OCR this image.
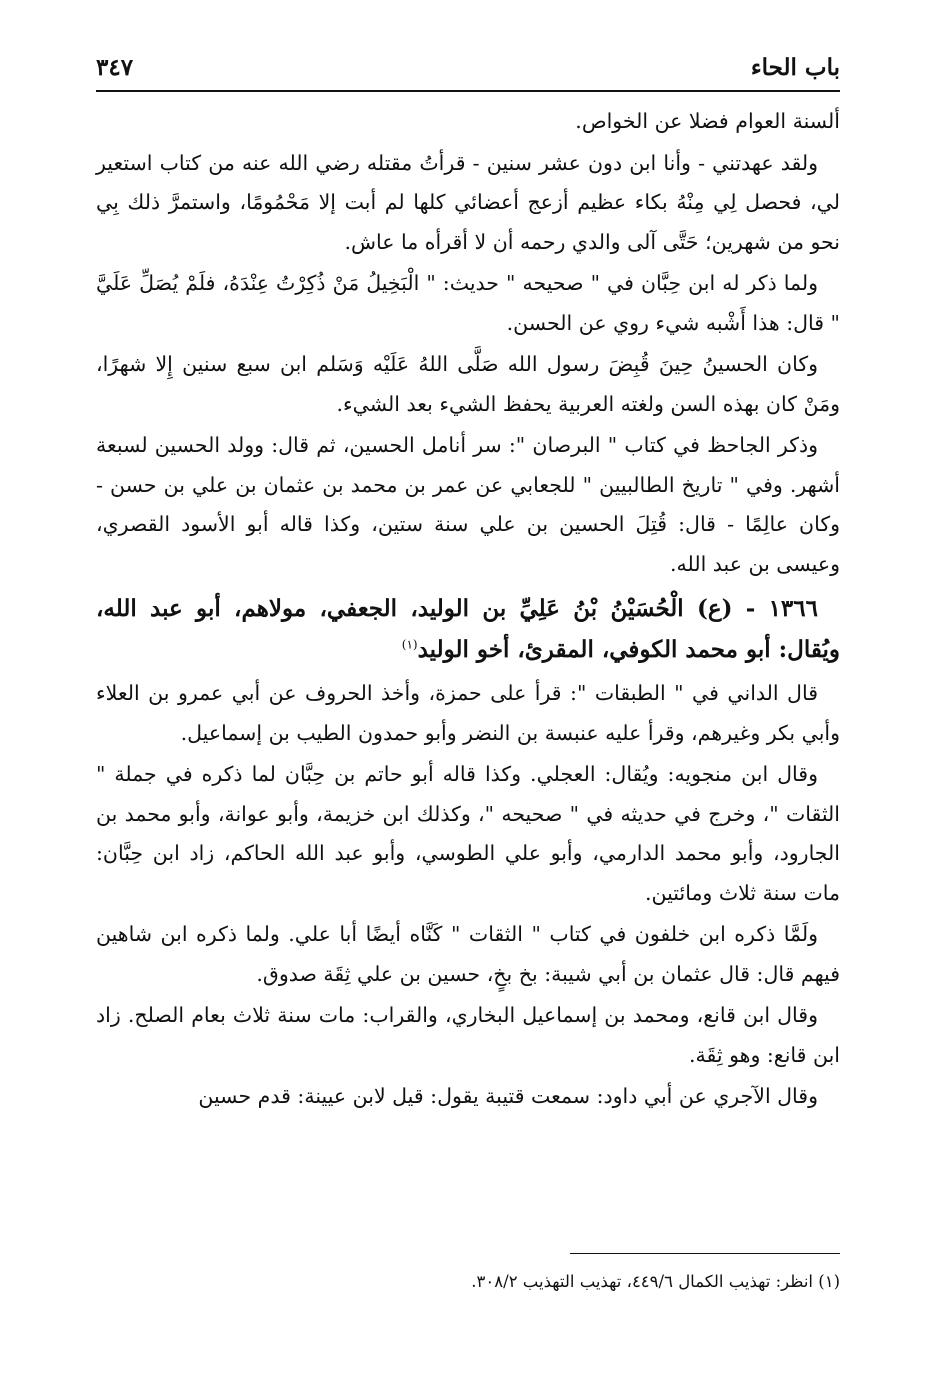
باب الحاء
٣٤٧

ألسنة العوام فضلا عن الخواص.

ولقد عهدتني - وأنا ابن دون عشر سنين - قرأتُ مقتله رضي الله عنه من كتاب استعير لي، فحصل لِي مِنْهُ بكاء عظيم أزعج أعضائي كلها لم أبت إلا مَحْمُومًا، واستمرَّ ذلك بِي نحو من شهرين؛ حَتَّى آلى والدي رحمه أن لا أقرأه ما عاش.

ولما ذكر له ابن حِبَّان في " صحيحه " حديث: " الْبَخِيلُ مَنْ ذُكِرْتُ عِنْدَهُ، فلَمْ يُصَلِّ عَلَيَّ " قال: هذا أَشْبه شيء روي عن الحسن.

وكان الحسينُ حِينَ قُبِضَ رسول الله صَلَّى اللهُ عَلَيْه وَسَلم ابن سبع سنين إِلا شهرًا، ومَنْ كان بهذه السن ولغته العربية يحفظ الشيء بعد الشيء.

وذكر الجاحظ في كتاب " البرصان ": سر أنامل الحسين، ثم قال: وولد الحسين لسبعة أشهر. وفي " تاريخ الطالبيين " للجعابي عن عمر بن محمد بن عثمان بن علي بن حسن - وكان عالِمًا - قال: قُتِلَ الحسين بن علي سنة ستين، وكذا قاله أبو الأسود القصري، وعيسى بن عبد الله.

١٣٦٦ - (ع) الْحُسَيْنُ بْنُ عَلِيِّ بن الوليد، الجعفي، مولاهم، أبو عبد الله، ويُقال: أبو محمد الكوفي، المقرئ، أخو الوليد$^{(١)}$

قال الداني في " الطبقات ": قرأ على حمزة، وأخذ الحروف عن أبي عمرو بن العلاء وأبي بكر وغيرهم، وقرأ عليه عنبسة بن النضر وأبو حمدون الطيب بن إسماعيل.

وقال ابن منجويه: ويُقال: العجلي. وكذا قاله أبو حاتم بن حِبَّان لما ذكره في جملة " الثقات "، وخرج في حديثه في " صحيحه "، وكذلك ابن خزيمة، وأبو عوانة، وأبو محمد بن الجارود، وأبو محمد الدارمي، وأبو علي الطوسي، وأبو عبد الله الحاكم، زاد ابن حِبَّان: مات سنة ثلاث ومائتين.

ولَمَّا ذكره ابن خلفون في كتاب " الثقات " كَنَّاه أيضًا أبا علي. ولما ذكره ابن شاهين فيهم قال: قال عثمان بن أبي شيبة: بخ بخٍ، حسين بن علي ثِقَة صدوق.

وقال ابن قانع، ومحمد بن إسماعيل البخاري، والقراب: مات سنة ثلاث بعام الصلح. زاد ابن قانع: وهو ثِقَة.

وقال الآجري عن أبي داود: سمعت قتيبة يقول: قيل لابن عيينة: قدم حسين

(١) انظر: تهذيب الكمال ٤٤٩/٦، تهذيب التهذيب ٣٠٨/٢.
